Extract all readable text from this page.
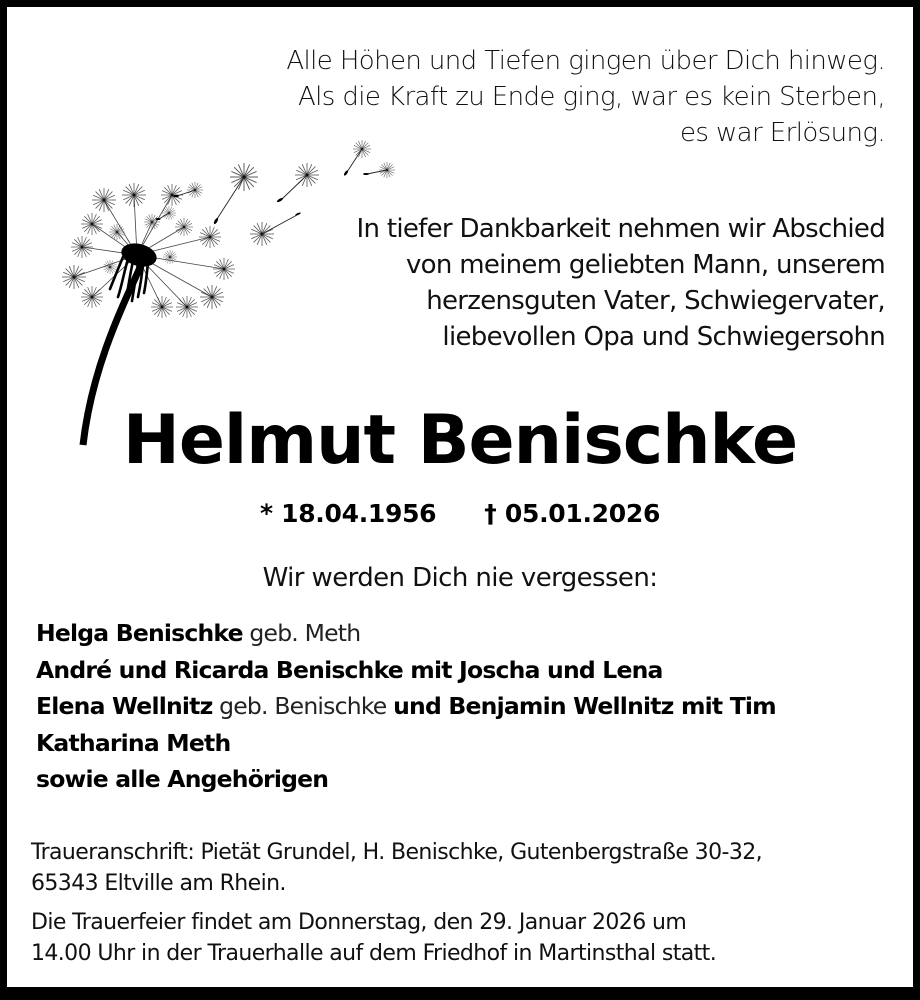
Alle Höhen und Tiefen gingen über Dich hinweg.
Als die Kraft zu Ende ging, war es kein Sterben,
es war Erlösung.
In tiefer Dankbarkeit nehmen wir Abschied
von meinem geliebten Mann, unserem
herzensguten Vater, Schwiegervater,
liebevollen Opa und Schwiegersohn
Helmut Benischke
* 18.04.1956 † 05.01.2026
Wir werden Dich nie vergessen:
Helga Benischke geb. Meth
André und Ricarda Benischke mit Joscha und Lena
Elena Wellnitz geb. Benischke und Benjamin Wellnitz mit Tim
Katharina Meth
sowie alle Angehörigen
Traueranschrift: Pietät Grundel, H. Benischke, Gutenbergstraße 30-32,
65343 Eltville am Rhein.
Die Trauerfeier findet am Donnerstag, den 29. Januar 2026 um
14.00 Uhr in der Trauerhalle auf dem Friedhof in Martinsthal statt.
